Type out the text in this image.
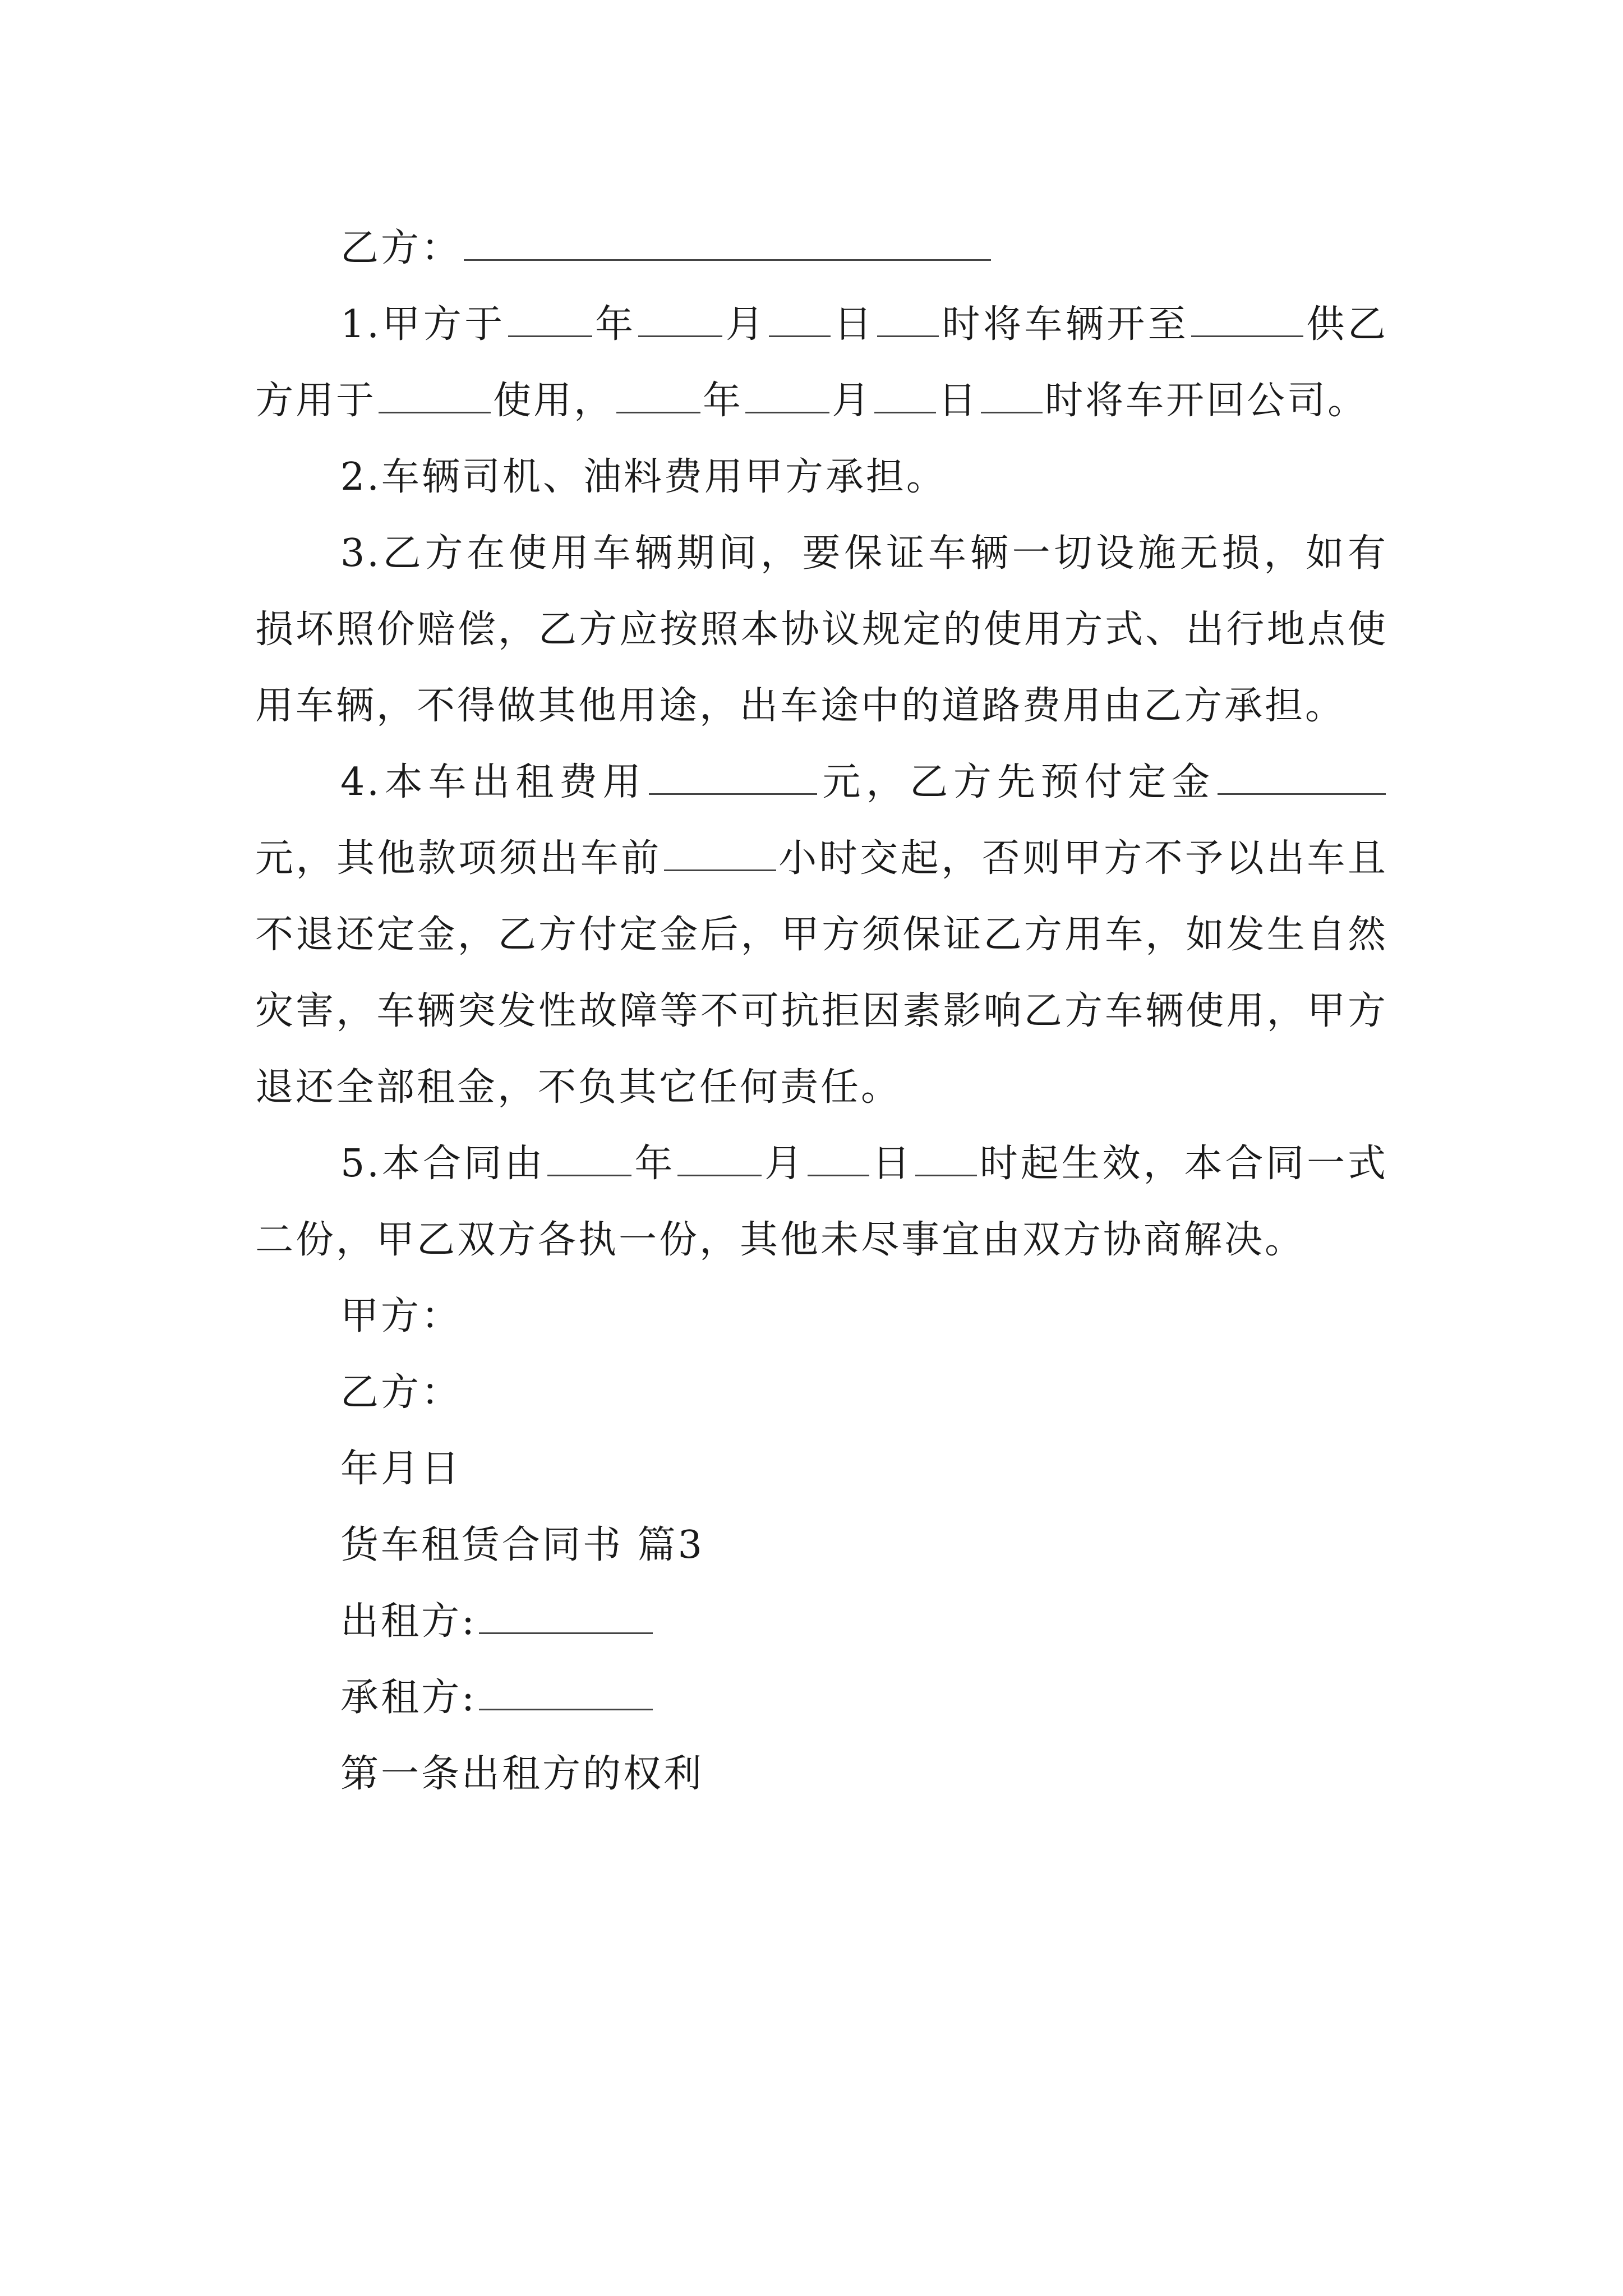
乙方：

1.甲方于 年 月 日 时将车辆开至	供乙方用于	使用， 年 月 日 时将车开回公司。

2.车辆司机、油料费用甲方承担。

3.乙方在使用车辆期间，要保证车辆一切设施无损，如有损坏照价赔偿，乙方应按照本协议规定的使用方式、出行地点使用车辆，不得做其他用途，出车途中的道路费用由乙方承担。

4.本车出租费用	元，乙方先预付定金元，其他款项须出车前	小时交起，否则甲方不予以出车且不退还定金，乙方付定金后，甲方须保证乙方用车，如发生自然灾害，车辆突发性故障等不可抗拒因素影响乙方车辆使用，甲方退还全部租金，不负其它任何责任。

5.本合同由 年 月 日 时起生效，本合同一式二份，甲乙双方各执一份，其他未尽事宜由双方协商解决。

甲方：

乙方：

年月日

货车租赁合同书 篇3

出租方:

承租方:

第一条出租方的权利
